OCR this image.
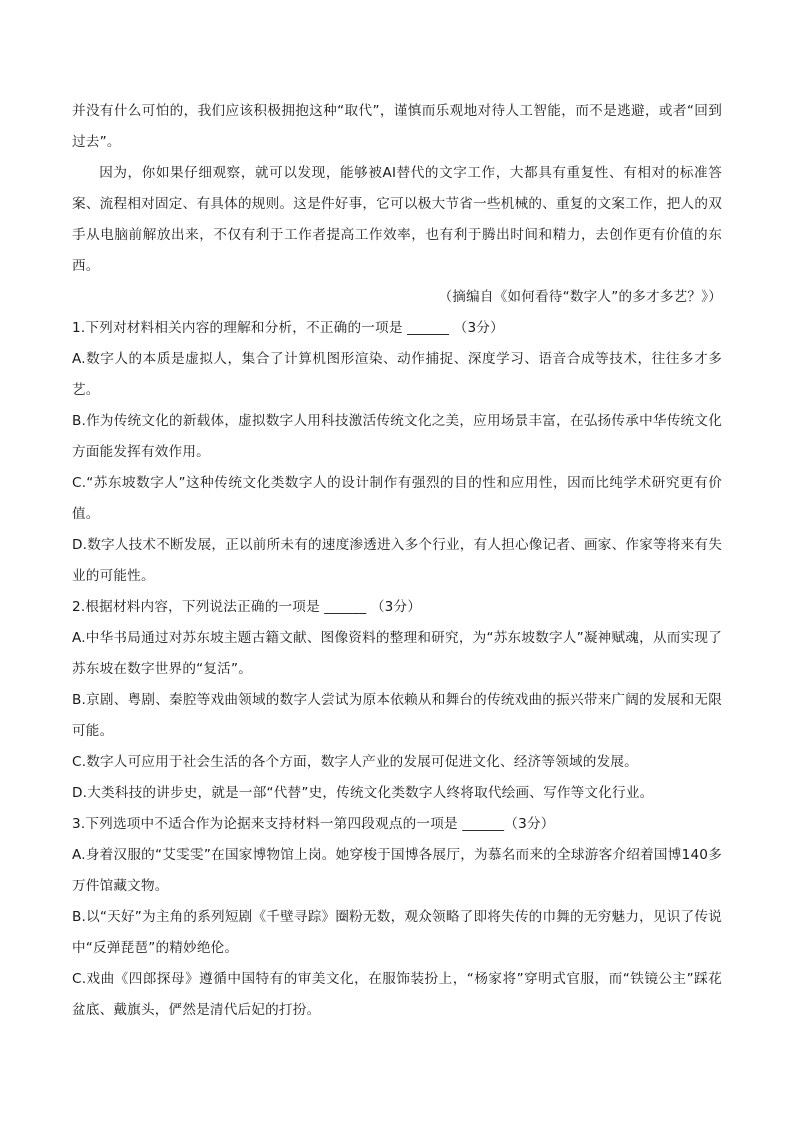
并没有什么可怕的，我们应该积极拥抱这种“取代”，谨慎而乐观地对待人工智能，而不是逃避，或者“回到过去”。

因为，你如果仔细观察，就可以发现，能够被AI替代的文字工作，大都具有重复性、有相对的标准答案、流程相对固定、有具体的规则。这是件好事，它可以极大节省一些机械的、重复的文案工作，把人的双手从电脑前解放出来，不仅有利于工作者提高工作效率，也有利于腾出时间和精力，去创作更有价值的东西。

（摘编自《如何看待“数字人”的多才多艺？》）

1.下列对材料相关内容的理解和分析，不正确的一项是 ______ （3分）

A.数字人的本质是虚拟人，集合了计算机图形渲染、动作捕捉、深度学习、语音合成等技术，往往多才多艺。

B.作为传统文化的新载体，虚拟数字人用科技激活传统文化之美，应用场景丰富，在弘扬传承中华传统文化方面能发挥有效作用。

C.“苏东坡数字人”这种传统文化类数字人的设计制作有强烈的目的性和应用性，因而比纯学术研究更有价值。

D.数字人技术不断发展，正以前所未有的速度渗透进入多个行业，有人担心像记者、画家、作家等将来有失业的可能性。

2.根据材料内容，下列说法正确的一项是 ______ （3分）

A.中华书局通过对苏东坡主题古籍文献、图像资料的整理和研究，为“苏东坡数字人”凝神赋魂，从而实现了苏东坡在数字世界的“复活”。

B.京剧、粤剧、秦腔等戏曲领域的数字人尝试为原本依赖从和舞台的传统戏曲的振兴带来广阔的发展和无限可能。

C.数字人可应用于社会生活的各个方面，数字人产业的发展可促进文化、经济等领域的发展。

D.大类科技的讲步史，就是一部“代替”史，传统文化类数字人终将取代绘画、写作等文化行业。

3.下列选项中不适合作为论据来支持材料一第四段观点的一项是 ______（3分）

A.身着汉服的“艾雯雯”在国家博物馆上岗。她穿梭于国博各展厅，为慕名而来的全球游客介绍着国博140多万件馆藏文物。

B.以“天好”为主角的系列短剧《千壁寻踪》圈粉无数，观众领略了即将失传的巾舞的无穷魅力，见识了传说中“反弹琵琶”的精妙绝伦。

C.戏曲《四郎探母》遵循中国特有的审美文化，在服饰装扮上，“杨家将”穿明式官服，而“铁镜公主”踩花盆底、戴旗头，俨然是清代后妃的打扮。
